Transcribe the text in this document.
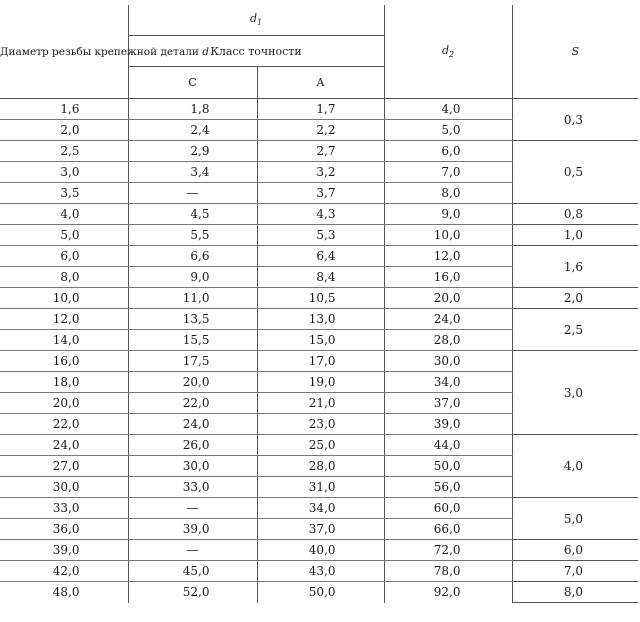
Диаметр резьбы крепежной детали d	$d_1$		$d_2$	S
	Класс точности			
	C	A		
1,6	1,8	1,7	4,0	0,3
2,0	2,4	2,2	5,0	
2,5	2,9	2,7	6,0	0,5
3,0	3,4	3,2	7,0	
3,5	—	3,7	8,0	
4,0	4,5	4,3	9,0	0,8
5,0	5,5	5,3	10,0	1,0
6,0	6,6	6,4	12,0	1,6
8,0	9,0	8,4	16,0	
10,0	11,0	10,5	20,0	2,0
12,0	13,5	13,0	24,0	2,5
14,0	15,5	15,0	28,0	
16,0	17,5	17,0	30,0	3,0
18,0	20,0	19,0	34,0	
20,0	22,0	21,0	37,0	
22,0	24,0	23,0	39,0	
24,0	26,0	25,0	44,0	4,0
27,0	30,0	28,0	50,0	
30,0	33,0	31,0	56,0	
33,0	—	34,0	60,0	5,0
36,0	39,0	37,0	66,0	
39,0	—	40,0	72,0	6,0
42,0	45,0	43,0	78,0	7,0
48,0	52,0	50,0	92,0	8,0
